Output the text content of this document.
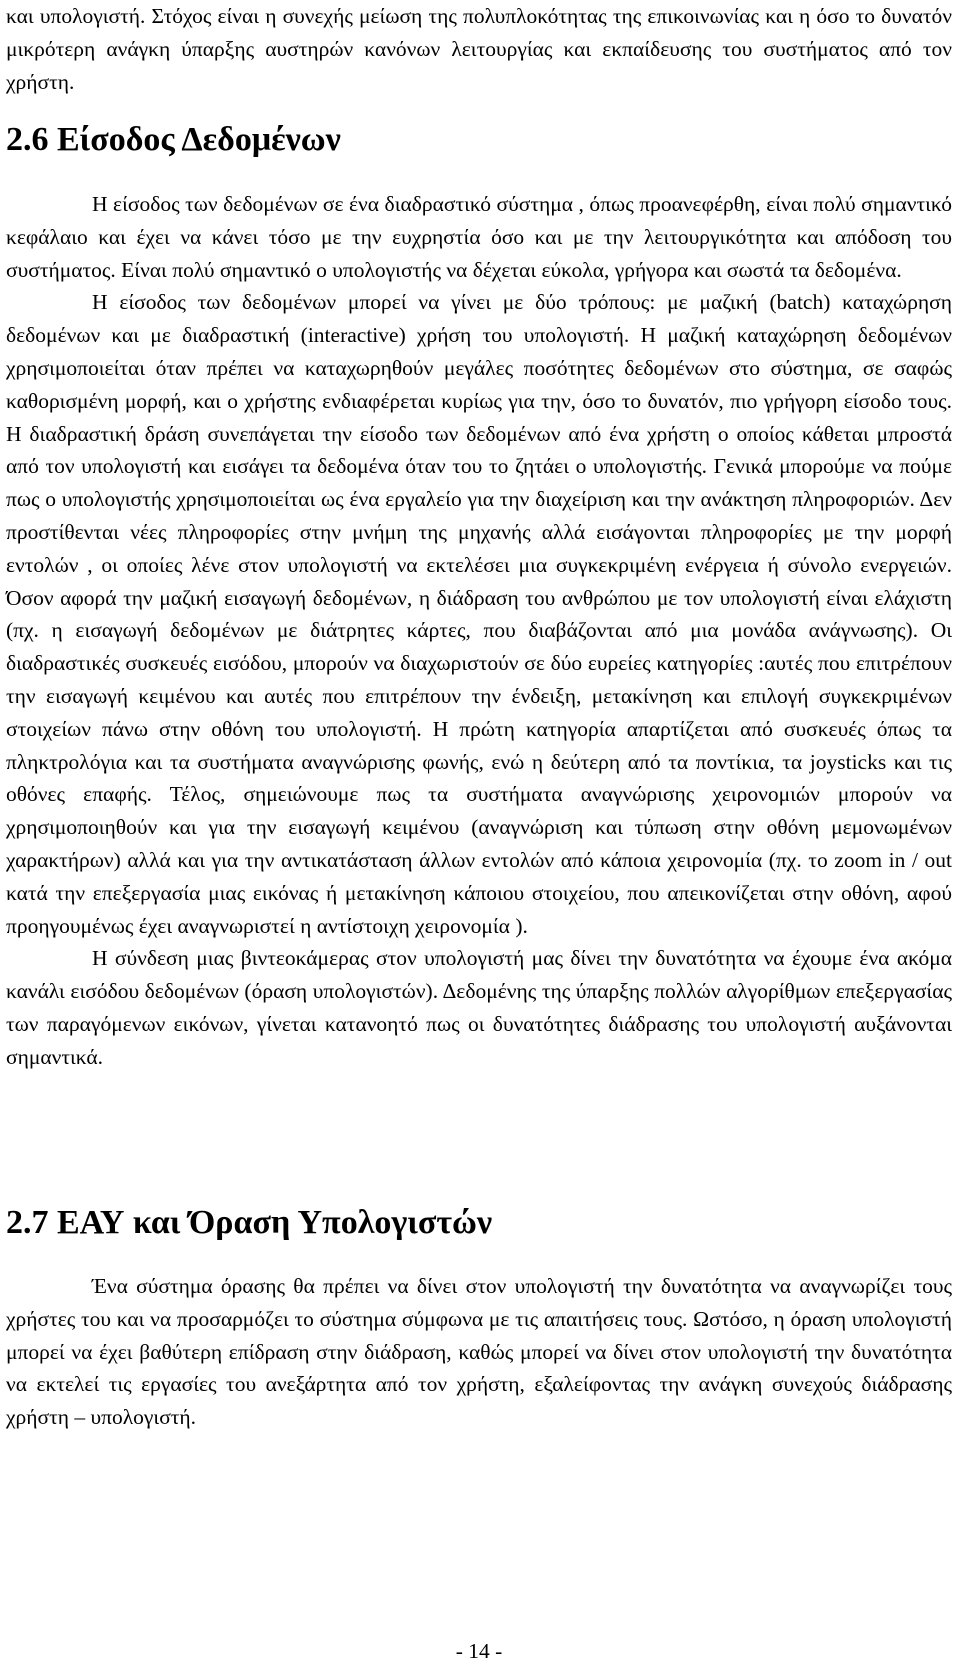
και υπολογιστή. Στόχος είναι η συνεχής μείωση της πολυπλοκότητας της επικοινωνίας και η όσο το δυνατόν μικρότερη ανάγκη ύπαρξης αυστηρών κανόνων λειτουργίας και εκπαίδευσης του συστήματος από τον χρήστη.

2.6 Είσοδος Δεδομένων

Η είσοδος των δεδομένων σε ένα διαδραστικό σύστημα , όπως προανεφέρθη, είναι πολύ σημαντικό κεφάλαιο και έχει να κάνει τόσο με την ευχρηστία όσο και με την λειτουργικότητα και απόδοση του συστήματος. Είναι πολύ σημαντικό ο υπολογιστής να δέχεται εύκολα, γρήγορα και σωστά τα δεδομένα.

Η είσοδος των δεδομένων μπορεί να γίνει με δύο τρόπους: με μαζική (batch) καταχώρηση δεδομένων και με διαδραστική (interactive) χρήση του υπολογιστή. Η μαζική καταχώρηση δεδομένων χρησιμοποιείται όταν πρέπει να καταχωρηθούν μεγάλες ποσότητες δεδομένων στο σύστημα, σε σαφώς καθορισμένη μορφή, και ο χρήστης ενδιαφέρεται κυρίως για την, όσο το δυνατόν, πιο γρήγορη είσοδο τους. Η διαδραστική δράση συνεπάγεται την είσοδο των δεδομένων από ένα χρήστη ο οποίος κάθεται μπροστά από τον υπολογιστή και εισάγει τα δεδομένα όταν του το ζητάει ο υπολογιστής. Γενικά μπορούμε να πούμε πως ο υπολογιστής χρησιμοποιείται ως ένα εργαλείο για την διαχείριση και την ανάκτηση πληροφοριών. Δεν προστίθενται νέες πληροφορίες στην μνήμη της μηχανής αλλά εισάγονται πληροφορίες με την μορφή εντολών , οι οποίες λένε στον υπολογιστή να εκτελέσει μια συγκεκριμένη ενέργεια ή σύνολο ενεργειών. Όσον αφορά την μαζική εισαγωγή δεδομένων, η διάδραση του ανθρώπου με τον υπολογιστή είναι ελάχιστη (πχ. η εισαγωγή δεδομένων με διάτρητες κάρτες, που διαβάζονται από μια μονάδα ανάγνωσης). Οι διαδραστικές συσκευές εισόδου, μπορούν να διαχωριστούν σε δύο ευρείες κατηγορίες :αυτές που επιτρέπουν την εισαγωγή κειμένου και αυτές που επιτρέπουν την ένδειξη, μετακίνηση και επιλογή συγκεκριμένων στοιχείων πάνω στην οθόνη του υπολογιστή. Η πρώτη κατηγορία απαρτίζεται από συσκευές όπως τα πληκτρολόγια και τα συστήματα αναγνώρισης φωνής, ενώ η δεύτερη από τα ποντίκια, τα joysticks και τις οθόνες επαφής. Τέλος, σημειώνουμε πως τα συστήματα αναγνώρισης χειρονομιών μπορούν να χρησιμοποιηθούν και για την εισαγωγή κειμένου (αναγνώριση και τύπωση στην οθόνη μεμονωμένων χαρακτήρων) αλλά και για την αντικατάσταση άλλων εντολών από κάποια χειρονομία (πχ. το zoom in / out κατά την επεξεργασία μιας εικόνας ή μετακίνηση κάποιου στοιχείου, που απεικονίζεται στην οθόνη, αφού προηγουμένως έχει αναγνωριστεί η αντίστοιχη χειρονομία ).

Η σύνδεση μιας βιντεοκάμερας στον υπολογιστή μας δίνει την δυνατότητα να έχουμε ένα ακόμα κανάλι εισόδου δεδομένων (όραση υπολογιστών). Δεδομένης της ύπαρξης πολλών αλγορίθμων επεξεργασίας των παραγόμενων εικόνων, γίνεται κατανοητό πως οι δυνατότητες διάδρασης του υπολογιστή αυξάνονται σημαντικά.

2.7 ΕΑΥ και Όραση Υπολογιστών

Ένα σύστημα όρασης θα πρέπει να δίνει στον υπολογιστή την δυνατότητα να αναγνωρίζει τους χρήστες του και να προσαρμόζει το σύστημα σύμφωνα με τις απαιτήσεις τους. Ωστόσο, η όραση υπολογιστή μπορεί να έχει βαθύτερη επίδραση στην διάδραση, καθώς μπορεί να δίνει στον υπολογιστή την δυνατότητα να εκτελεί τις εργασίες του ανεξάρτητα από τον χρήστη, εξαλείφοντας την ανάγκη συνεχούς διάδρασης χρήστη – υπολογιστή.

- 14 -
